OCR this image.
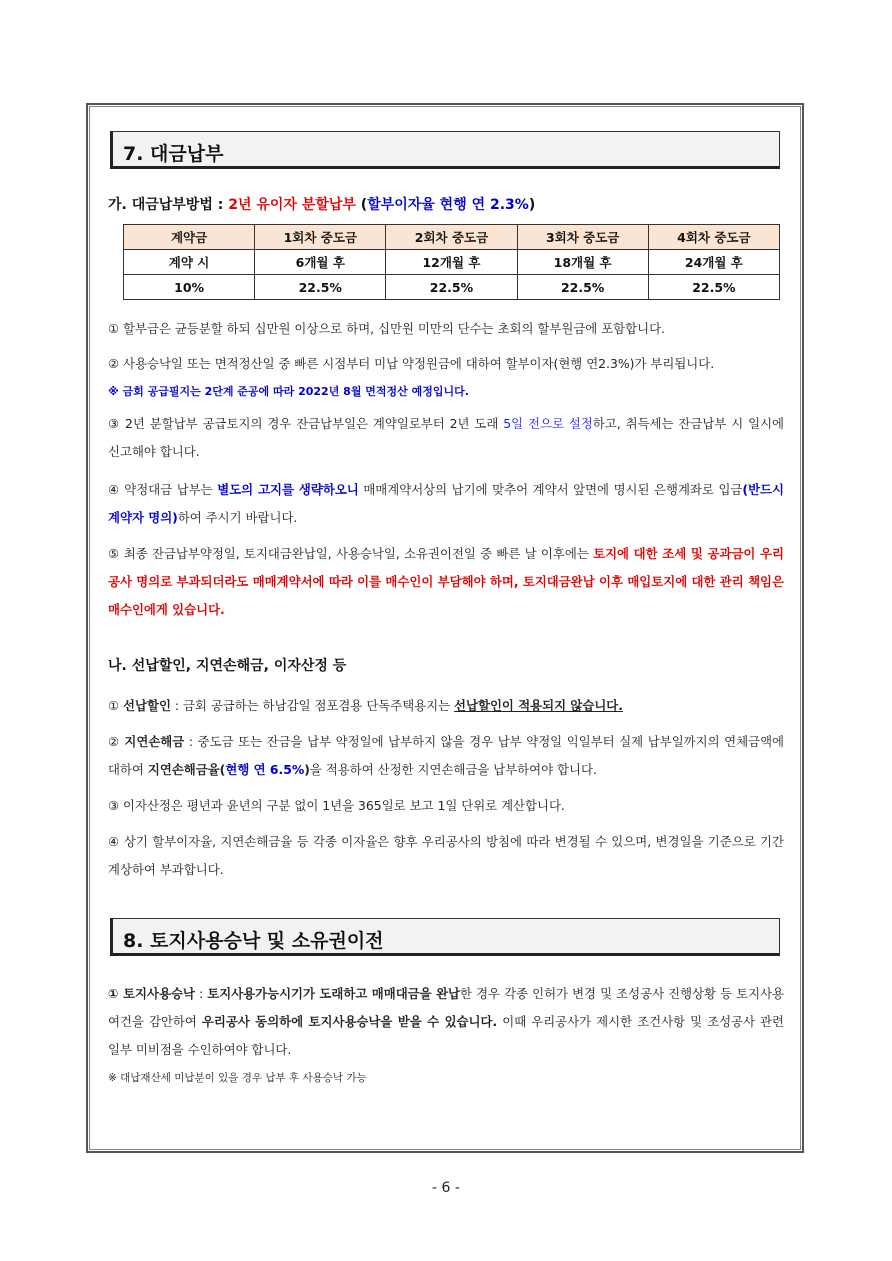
7. 대금납부
가. 대금납부방법 : 2년 유이자 분할납부 (할부이자율 현행 연 2.3%)
계약금	1회차 중도금	2회차 중도금	3회차 중도금	4회차 중도금
계약 시	6개월 후	12개월 후	18개월 후	24개월 후
10%	22.5%	22.5%	22.5%	22.5%
① 할부금은 균등분할 하되 십만원 이상으로 하며, 십만원 미만의 단수는 초회의 할부원금에 포함합니다.
② 사용승낙일 또는 면적정산일 중 빠른 시점부터 미납 약정원금에 대하여 할부이자(현행 연2.3%)가 부리됩니다.
※ 금회 공급필지는 2단계 준공에 따라 2022년 8월 면적정산 예정입니다.
③ 2년 분할납부 공급토지의 경우 잔금납부일은 계약일로부터 2년 도래 5일 전으로 설정하고, 취득세는 잔금납부 시 일시에 신고해야 합니다.
④ 약정대금 납부는 별도의 고지를 생략하오니 매매계약서상의 납기에 맞추어 계약서 앞면에 명시된 은행계좌로 입금(반드시 계약자 명의)하여 주시기 바랍니다.
⑤ 최종 잔금납부약정일, 토지대금완납일, 사용승낙일, 소유권이전일 중 빠른 날 이후에는 토지에 대한 조세 및 공과금이 우리공사 명의로 부과되더라도 매매계약서에 따라 이를 매수인이 부담해야 하며, 토지대금완납 이후 매입토지에 대한 관리 책임은 매수인에게 있습니다.
나. 선납할인, 지연손해금, 이자산정 등
① 선납할인 : 금회 공급하는 하남감일 점포겸용 단독주택용지는 선납할인이 적용되지 않습니다.
② 지연손해금 : 중도금 또는 잔금을 납부 약정일에 납부하지 않을 경우 납부 약정일 익일부터 실제 납부일까지의 연체금액에 대하여 지연손해금율(현행 연 6.5%)을 적용하여 산정한 지연손해금을 납부하여야 합니다.
③ 이자산정은 평년과 윤년의 구분 없이 1년을 365일로 보고 1일 단위로 계산합니다.
④ 상기 할부이자율, 지연손해금율 등 각종 이자율은 향후 우리공사의 방침에 따라 변경될 수 있으며, 변경일을 기준으로 기간 계상하여 부과합니다.
8. 토지사용승낙 및 소유권이전
① 토지사용승낙 : 토지사용가능시기가 도래하고 매매대금을 완납한 경우 각종 인허가 변경 및 조성공사 진행상황 등 토지사용 여건을 감안하여 우리공사 동의하에 토지사용승낙을 받을 수 있습니다. 이때 우리공사가 제시한 조건사항 및 조성공사 관련 일부 미비점을 수인하여야 합니다.
※ 대납재산세 미납분이 있을 경우 납부 후 사용승낙 가능
- 6 -
